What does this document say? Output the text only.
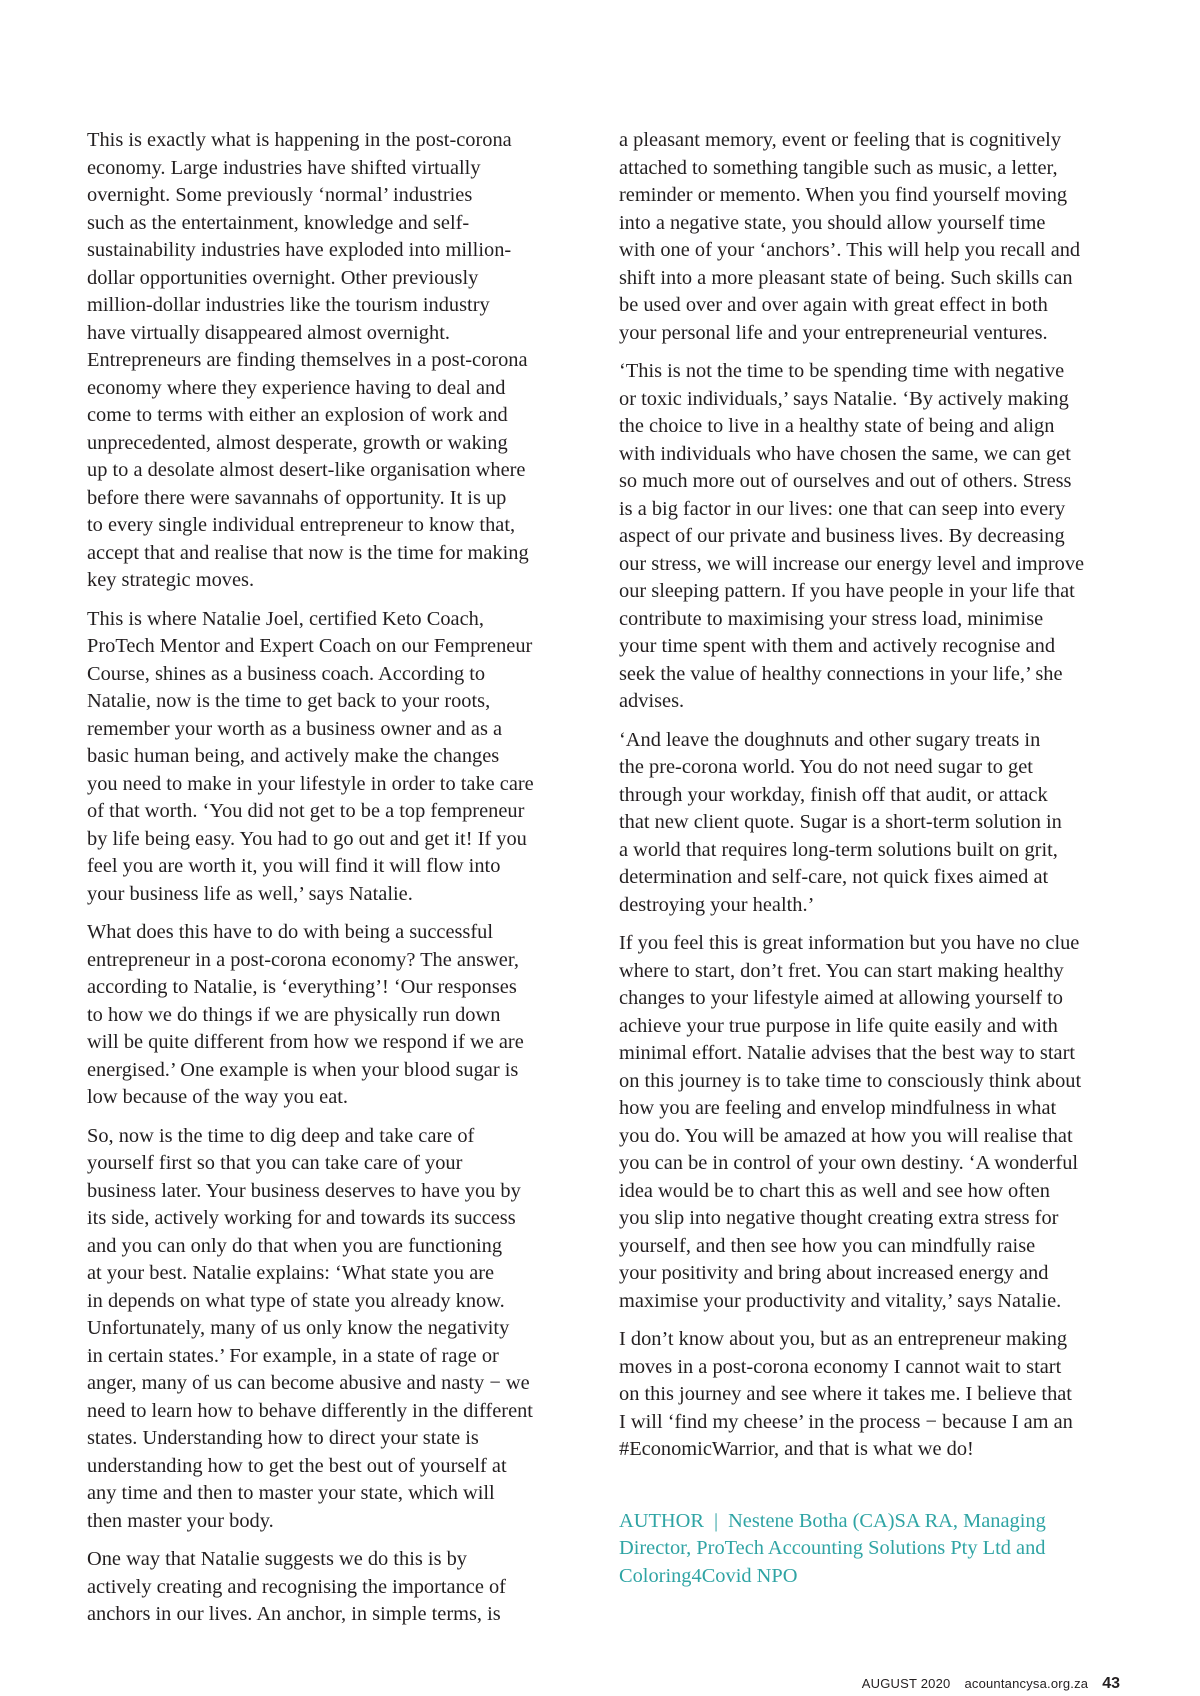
This is exactly what is happening in the post-corona
economy. Large industries have shifted virtually
overnight. Some previously ‘normal’ industries
such as the entertainment, knowledge and self-
sustainability industries have exploded into million-
dollar opportunities overnight. Other previously
million-dollar industries like the tourism industry
have virtually disappeared almost overnight.
Entrepreneurs are finding themselves in a post-corona
economy where they experience having to deal and
come to terms with either an explosion of work and
unprecedented, almost desperate, growth or waking
up to a desolate almost desert-like organisation where
before there were savannahs of opportunity. It is up
to every single individual entrepreneur to know that,
accept that and realise that now is the time for making
key strategic moves.

This is where Natalie Joel, certified Keto Coach,
ProTech Mentor and Expert Coach on our Fempreneur
Course, shines as a business coach. According to
Natalie, now is the time to get back to your roots,
remember your worth as a business owner and as a
basic human being, and actively make the changes
you need to make in your lifestyle in order to take care
of that worth. ‘You did not get to be a top fempreneur
by life being easy. You had to go out and get it! If you
feel you are worth it, you will find it will flow into
your business life as well,’ says Natalie.

What does this have to do with being a successful
entrepreneur in a post-corona economy? The answer,
according to Natalie, is ‘everything’! ‘Our responses
to how we do things if we are physically run down
will be quite different from how we respond if we are
energised.’ One example is when your blood sugar is
low because of the way you eat.

So, now is the time to dig deep and take care of
yourself first so that you can take care of your
business later. Your business deserves to have you by
its side, actively working for and towards its success
and you can only do that when you are functioning
at your best. Natalie explains: ‘What state you are
in depends on what type of state you already know.
Unfortunately, many of us only know the negativity
in certain states.’ For example, in a state of rage or
anger, many of us can become abusive and nasty − we
need to learn how to behave differently in the different
states. Understanding how to direct your state is
understanding how to get the best out of yourself at
any time and then to master your state, which will
then master your body.

One way that Natalie suggests we do this is by
actively creating and recognising the importance of
anchors in our lives. An anchor, in simple terms, is

a pleasant memory, event or feeling that is cognitively
attached to something tangible such as music, a letter,
reminder or memento. When you find yourself moving
into a negative state, you should allow yourself time
with one of your ‘anchors’. This will help you recall and
shift into a more pleasant state of being. Such skills can
be used over and over again with great effect in both
your personal life and your entrepreneurial ventures.

‘This is not the time to be spending time with negative
or toxic individuals,’ says Natalie. ‘By actively making
the choice to live in a healthy state of being and align
with individuals who have chosen the same, we can get
so much more out of ourselves and out of others. Stress
is a big factor in our lives: one that can seep into every
aspect of our private and business lives. By decreasing
our stress, we will increase our energy level and improve
our sleeping pattern. If you have people in your life that
contribute to maximising your stress load, minimise
your time spent with them and actively recognise and
seek the value of healthy connections in your life,’ she
advises.

‘And leave the doughnuts and other sugary treats in
the pre-corona world. You do not need sugar to get
through your workday, finish off that audit, or attack
that new client quote. Sugar is a short-term solution in
a world that requires long-term solutions built on grit,
determination and self-care, not quick fixes aimed at
destroying your health.’

If you feel this is great information but you have no clue
where to start, don’t fret. You can start making healthy
changes to your lifestyle aimed at allowing yourself to
achieve your true purpose in life quite easily and with
minimal effort. Natalie advises that the best way to start
on this journey is to take time to consciously think about
how you are feeling and envelop mindfulness in what
you do. You will be amazed at how you will realise that
you can be in control of your own destiny. ‘A wonderful
idea would be to chart this as well and see how often
you slip into negative thought creating extra stress for
yourself, and then see how you can mindfully raise
your positivity and bring about increased energy and
maximise your productivity and vitality,’ says Natalie.

I don’t know about you, but as an entrepreneur making
moves in a post-corona economy I cannot wait to start
on this journey and see where it takes me. I believe that
I will ‘find my cheese’ in the process − because I am an
#EconomicWarrior, and that is what we do!

AUTHOR | Nestene Botha (CA)SA RA, Managing
Director, ProTech Accounting Solutions Pty Ltd and
Coloring4Covid NPO
AUGUST 2020 acountancysa.org.za 43
